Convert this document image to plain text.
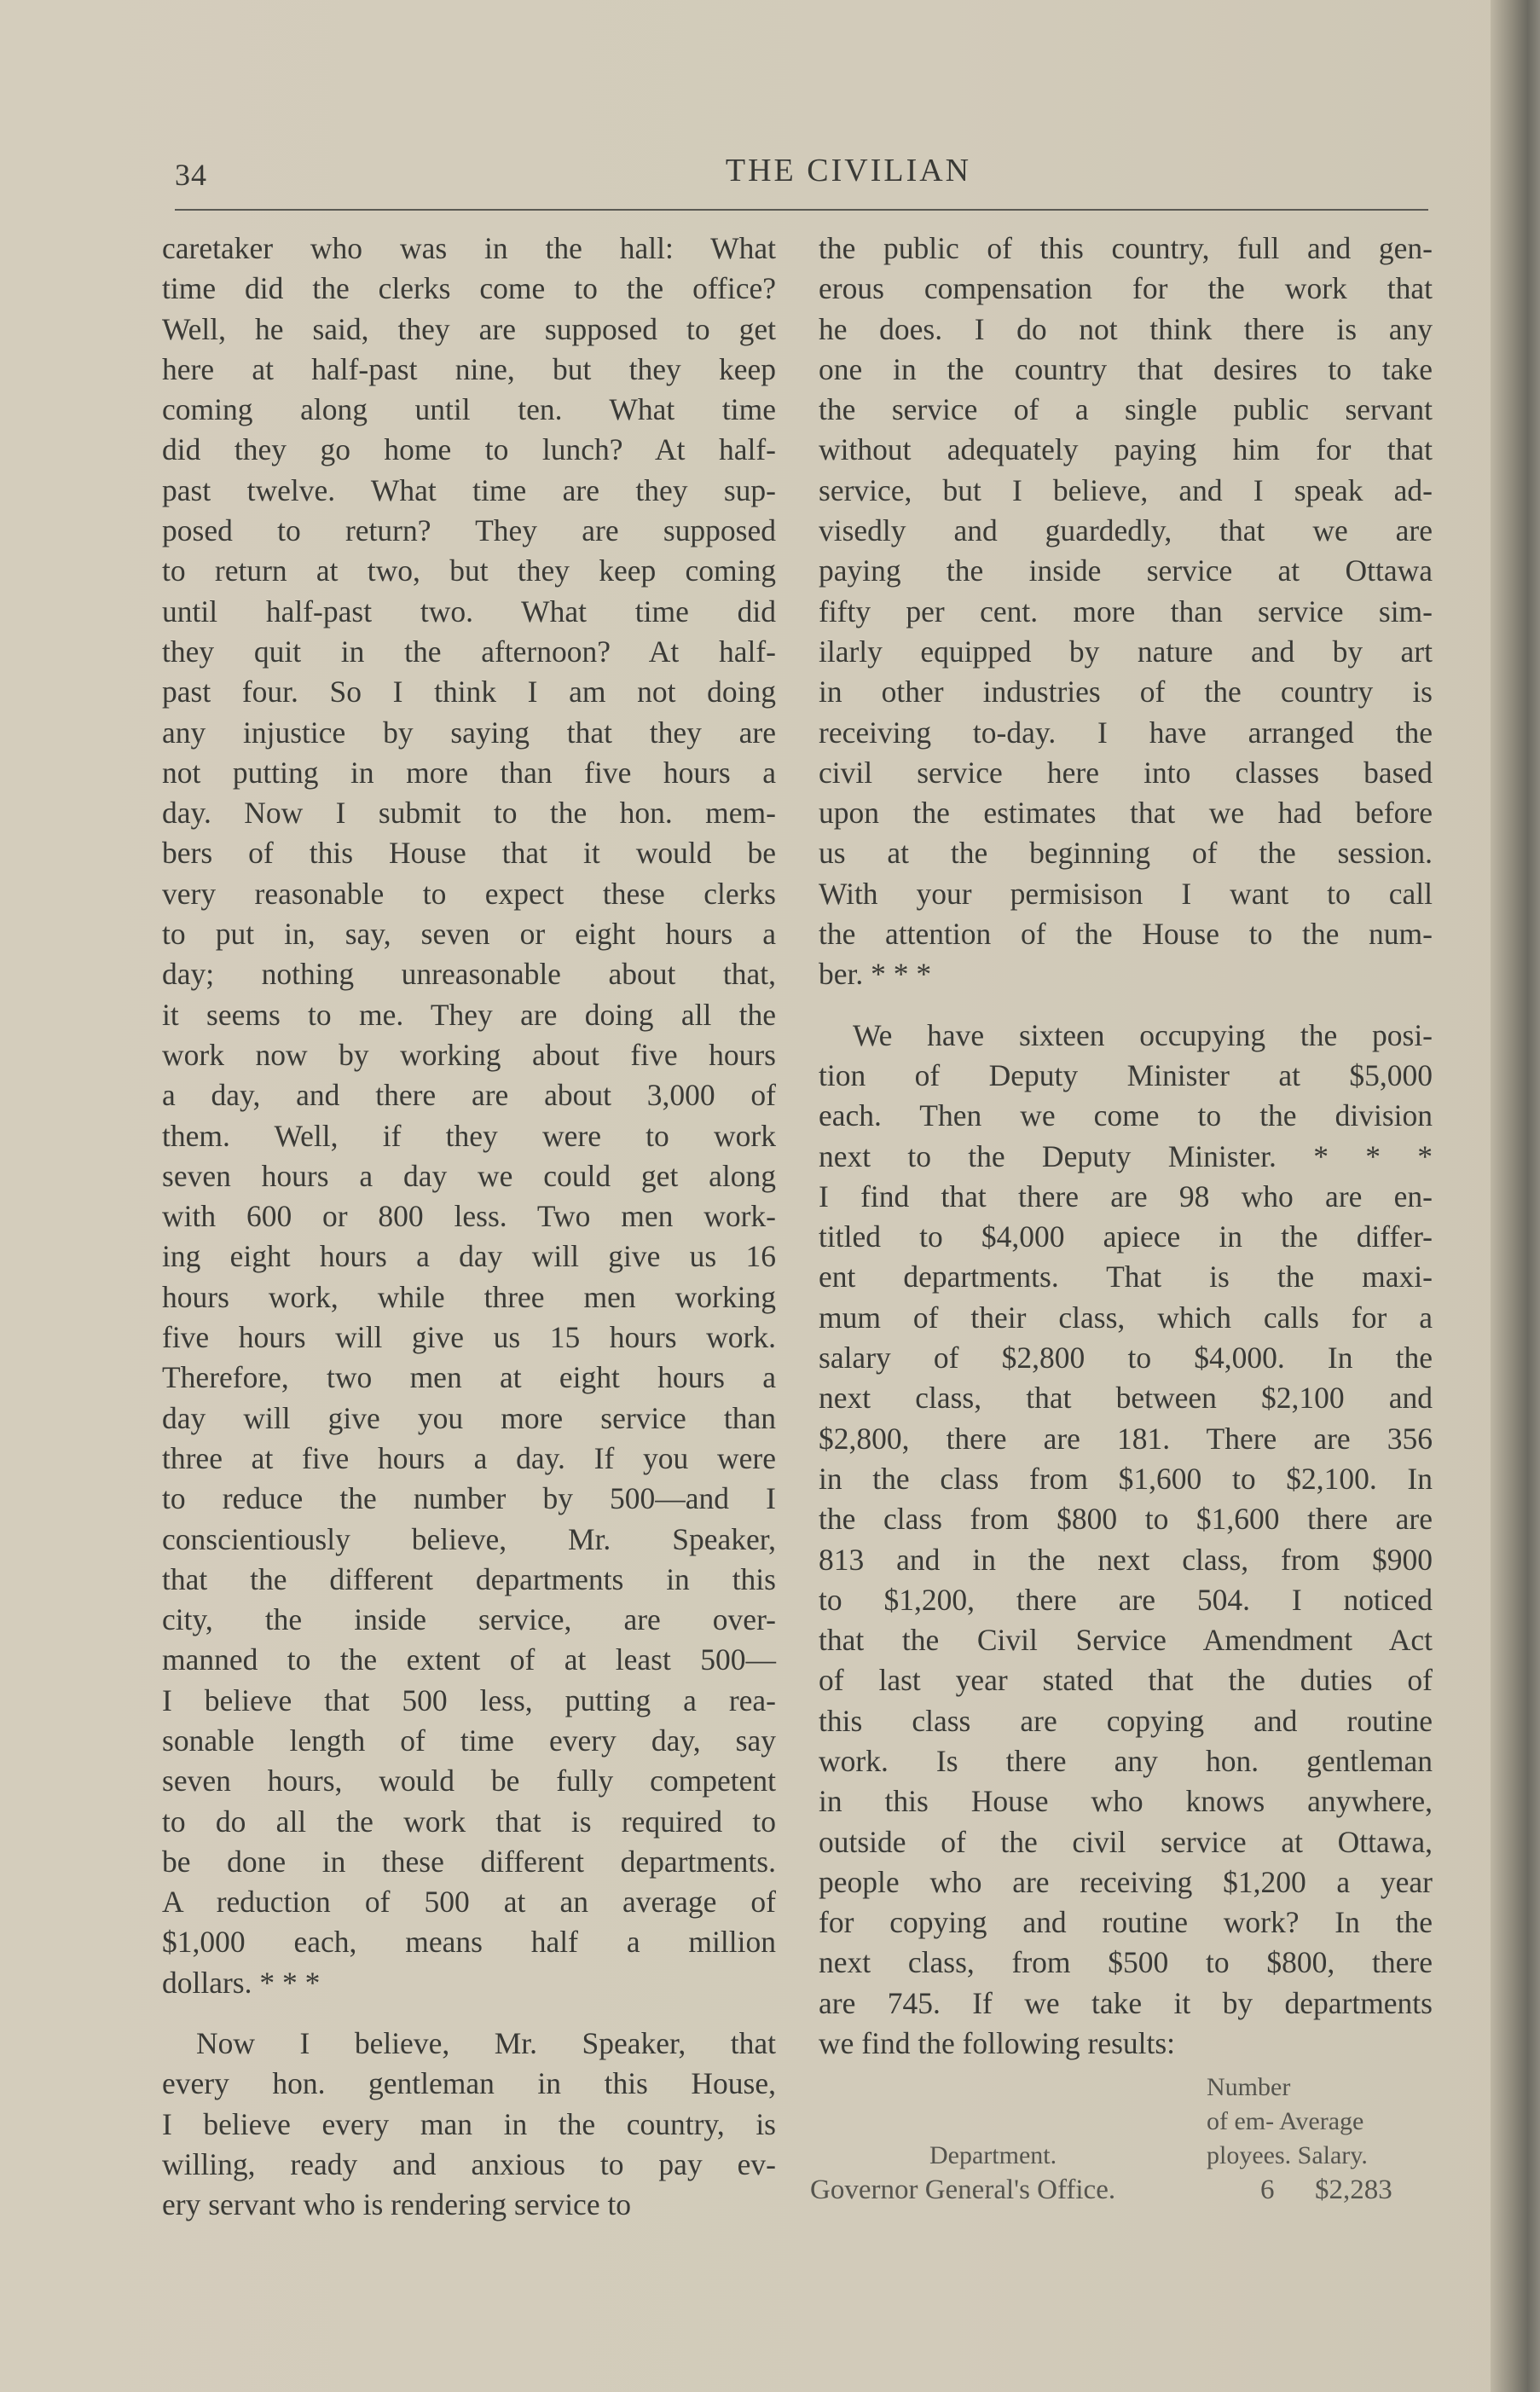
34	THE CIVILIAN

caretaker who was in the hall: What
time did the clerks come to the office?
Well, he said, they are supposed to get
here at half-past nine, but they keep
coming along until ten. What time
did they go home to lunch? At half-
past twelve. What time are they sup-
posed to return? They are supposed
to return at two, but they keep coming
until half-past two. What time did
they quit in the afternoon? At half-
past four. So I think I am not doing
any injustice by saying that they are
not putting in more than five hours a
day. Now I submit to the hon. mem-
bers of this House that it would be
very reasonable to expect these clerks
to put in, say, seven or eight hours a
day; nothing unreasonable about that,
it seems to me. They are doing all the
work now by working about five hours
a day, and there are about 3,000 of
them. Well, if they were to work
seven hours a day we could get along
with 600 or 800 less. Two men work-
ing eight hours a day will give us 16
hours work, while three men working
five hours will give us 15 hours work.
Therefore, two men at eight hours a
day will give you more service than
three at five hours a day. If you were
to reduce the number by 500—and I
conscientiously believe, Mr. Speaker,
that the different departments in this
city, the inside service, are over-
manned to the extent of at least 500—
I believe that 500 less, putting a rea-
sonable length of time every day, say
seven hours, would be fully competent
to do all the work that is required to
be done in these different departments.
A reduction of 500 at an average of
$1,000 each, means half a million
dollars. * * *

Now I believe, Mr. Speaker, that
every hon. gentleman in this House,
I believe every man in the country, is
willing, ready and anxious to pay ev-
ery servant who is rendering service to

the public of this country, full and gen-
erous compensation for the work that
he does. I do not think there is any
one in the country that desires to take
the service of a single public servant
without adequately paying him for that
service, but I believe, and I speak ad-
visedly and guardedly, that we are
paying the inside service at Ottawa
fifty per cent. more than service sim-
ilarly equipped by nature and by art
in other industries of the country is
receiving to-day. I have arranged the
civil service here into classes based
upon the estimates that we had before
us at the beginning of the session.
With your permisison I want to call
the attention of the House to the num-
ber. * * *

We have sixteen occupying the posi-
tion of Deputy Minister at $5,000
each. Then we come to the division
next to the Deputy Minister. * * *
I find that there are 98 who are en-
titled to $4,000 apiece in the differ-
ent departments. That is the maxi-
mum of their class, which calls for a
salary of $2,800 to $4,000. In the
next class, that between $2,100 and
$2,800, there are 181. There are 356
in the class from $1,600 to $2,100. In
the class from $800 to $1,600 there are
813 and in the next class, from $900
to $1,200, there are 504. I noticed
that the Civil Service Amendment Act
of last year stated that the duties of
this class are copying and routine
work. Is there any hon. gentleman
in this House who knows anywhere,
outside of the civil service at Ottawa,
people who are receiving $1,200 a year
for copying and routine work? In the
next class, from $500 to $800, there
are 745. If we take it by departments
we find the following results:

Number
of em- Average
Department.	ployees. Salary.
Governor General's Office.	6 $2,283
